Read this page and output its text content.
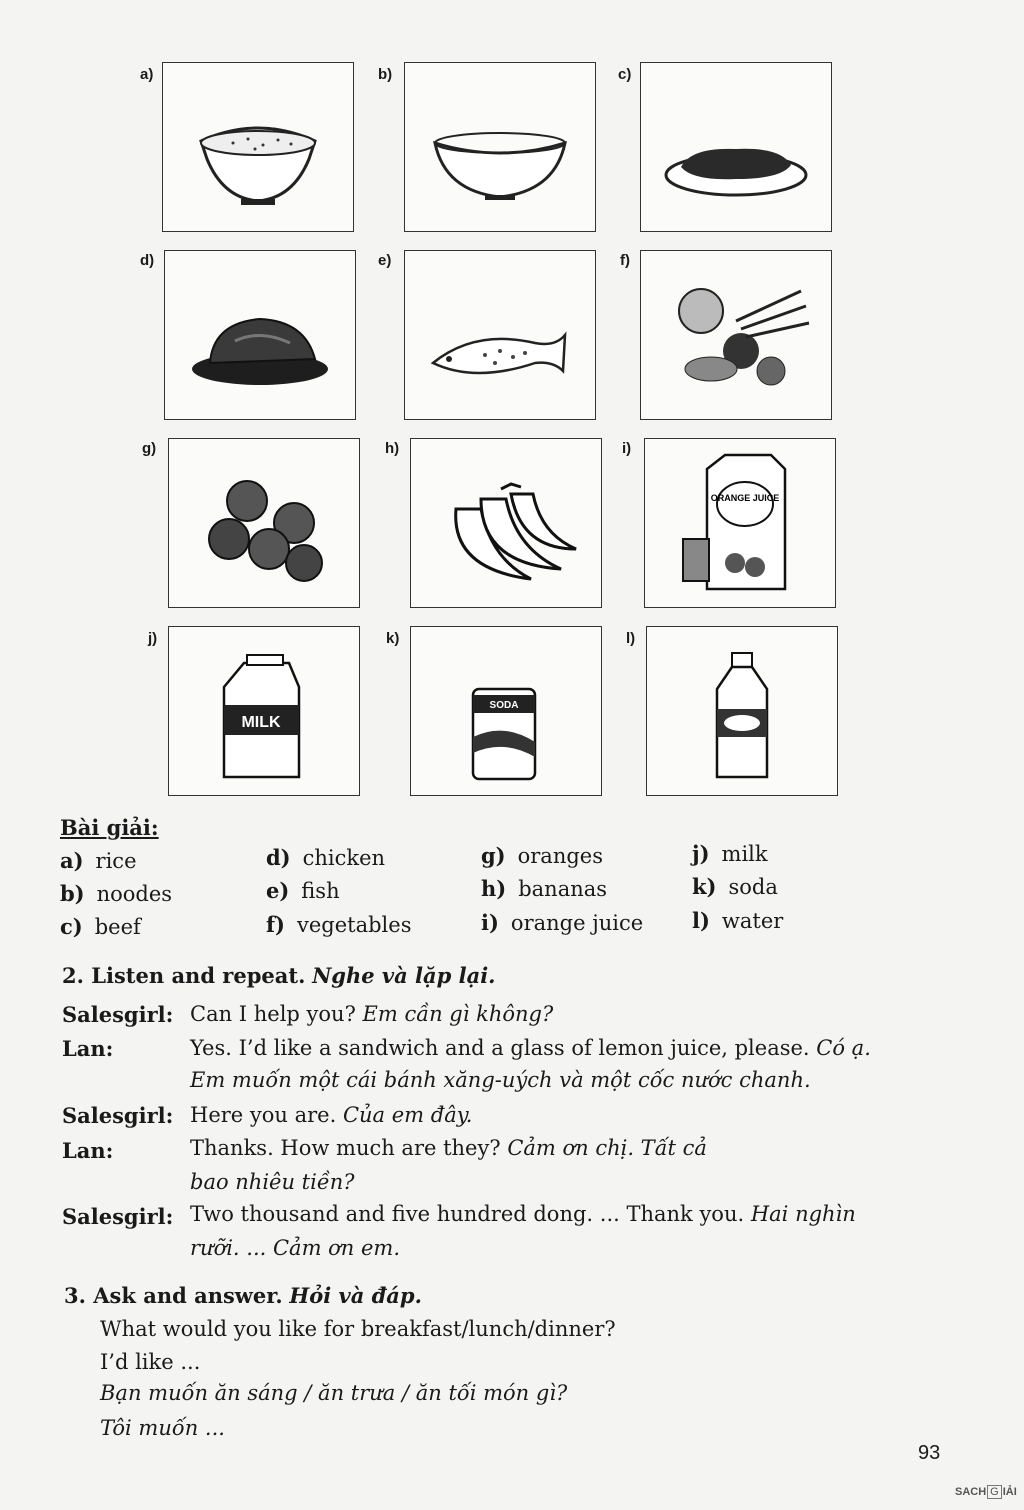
a)	b)	c)
d)	e)	f)
g)	h)	i)
ORANGE JUICE
j)
MILK
k)
SODA
l)
Bài giải:
a) rice
b) noodes
c) beef
d) chicken
e) fish
f) vegetables
g) oranges
h) bananas
i) orange juice
j) milk
k) soda
l) water
2. Listen and repeat. Nghe và lặp lại.
Salesgirl: Can I help you? Em cần gì không?
Lan:	Yes. I’d like a sandwich and a glass of lemon juice, please. Có ạ.
Em muốn một cái bánh xăng-uých và một cốc nước chanh.
Salesgirl: Here you are. Của em đây.
Lan:	Thanks. How much are they? Cảm ơn chị. Tất cả
bao nhiêu tiền?
Salesgirl: Two thousand and five hundred dong. ... Thank you. Hai nghìn
rưỡi. ... Cảm ơn em.
3. Ask and answer. Hỏi và đáp.
What would you like for breakfast/lunch/dinner?
I’d like ...
Bạn muốn ăn sáng / ăn trưa / ăn tối món gì?
Tôi muốn ...
93
SACH G IẢI
